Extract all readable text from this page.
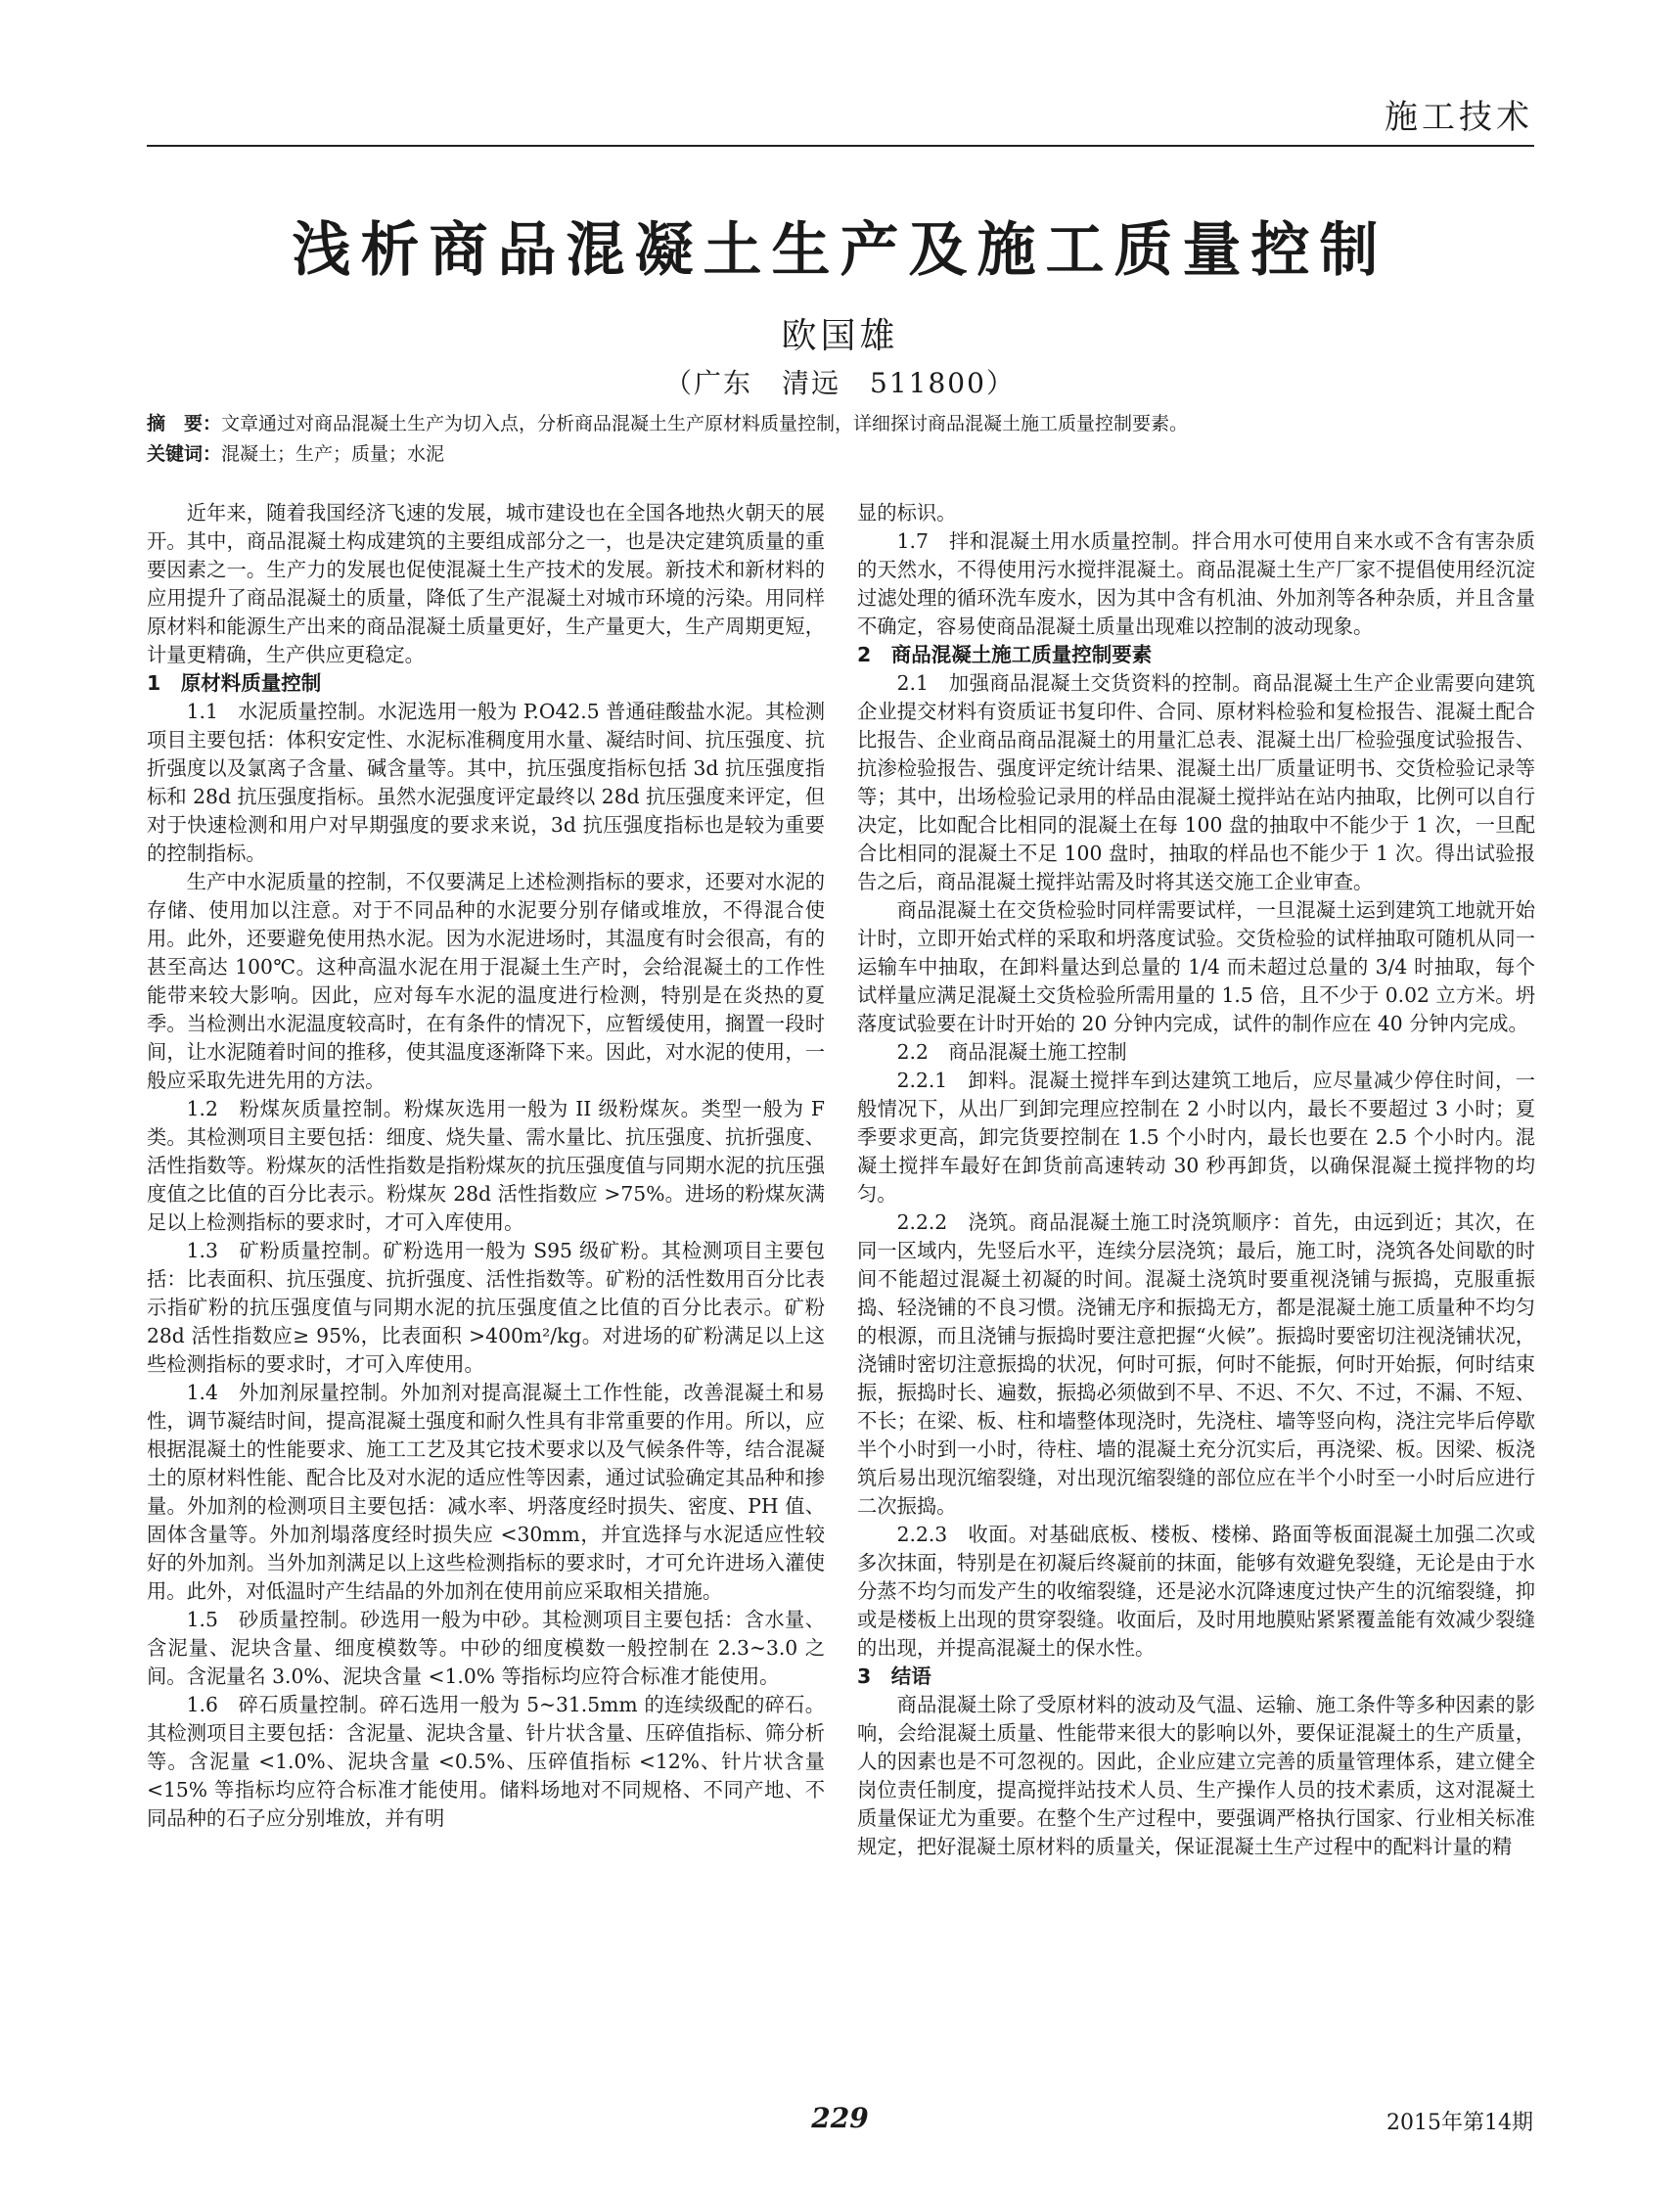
施工技术
浅析商品混凝土生产及施工质量控制
欧国雄
（广东　清远　511800）
摘　要：文章通过对商品混凝土生产为切入点，分析商品混凝土生产原材料质量控制，详细探讨商品混凝土施工质量控制要素。
关键词：混凝土；生产；质量；水泥

近年来，随着我国经济飞速的发展，城市建设也在全国各地热火朝天的展开。其中，商品混凝土构成建筑的主要组成部分之一，也是决定建筑质量的重要因素之一。生产力的发展也促使混凝土生产技术的发展。新技术和新材料的应用提升了商品混凝土的质量，降低了生产混凝土对城市环境的污染。用同样原材料和能源生产出来的商品混凝土质量更好，生产量更大，生产周期更短，计量更精确，生产供应更稳定。

1　原材料质量控制

1.1　水泥质量控制。水泥选用一般为 P.O42.5 普通硅酸盐水泥。其检测项目主要包括：体积安定性、水泥标准稠度用水量、凝结时间、抗压强度、抗折强度以及氯离子含量、碱含量等。其中，抗压强度指标包括 3d 抗压强度指标和 28d 抗压强度指标。虽然水泥强度评定最终以 28d 抗压强度来评定，但对于快速检测和用户对早期强度的要求来说，3d 抗压强度指标也是较为重要的控制指标。

生产中水泥质量的控制，不仅要满足上述检测指标的要求，还要对水泥的存储、使用加以注意。对于不同品种的水泥要分别存储或堆放，不得混合使用。此外，还要避免使用热水泥。因为水泥进场时，其温度有时会很高，有的甚至高达 100℃。这种高温水泥在用于混凝土生产时，会给混凝土的工作性能带来较大影响。因此，应对每车水泥的温度进行检测，特别是在炎热的夏季。当检测出水泥温度较高时，在有条件的情况下，应暂缓使用，搁置一段时间，让水泥随着时间的推移，使其温度逐渐降下来。因此，对水泥的使用，一般应采取先进先用的方法。

1.2　粉煤灰质量控制。粉煤灰选用一般为 II 级粉煤灰。类型一般为 F 类。其检测项目主要包括：细度、烧失量、需水量比、抗压强度、抗折强度、活性指数等。粉煤灰的活性指数是指粉煤灰的抗压强度值与同期水泥的抗压强度值之比值的百分比表示。粉煤灰 28d 活性指数应 >75%。进场的粉煤灰满足以上检测指标的要求时，才可入库使用。

1.3　矿粉质量控制。矿粉选用一般为 S95 级矿粉。其检测项目主要包括：比表面积、抗压强度、抗折强度、活性指数等。矿粉的活性数用百分比表示指矿粉的抗压强度值与同期水泥的抗压强度值之比值的百分比表示。矿粉 28d 活性指数应≥ 95%，比表面积 >400m²/kg。对进场的矿粉满足以上这些检测指标的要求时，才可入库使用。

1.4　外加剂尿量控制。外加剂对提高混凝土工作性能，改善混凝土和易性，调节凝结时间，提高混凝土强度和耐久性具有非常重要的作用。所以，应根据混凝土的性能要求、施工工艺及其它技术要求以及气候条件等，结合混凝土的原材料性能、配合比及对水泥的适应性等因素，通过试验确定其品种和掺量。外加剂的检测项目主要包括：减水率、坍落度经时损失、密度、PH 值、固体含量等。外加剂塌落度经时损失应 <30mm，并宜选择与水泥适应性较好的外加剂。当外加剂满足以上这些检测指标的要求时，才可允许进场入灌使用。此外，对低温时产生结晶的外加剂在使用前应采取相关措施。

1.5　砂质量控制。砂选用一般为中砂。其检测项目主要包括：含水量、含泥量、泥块含量、细度模数等。中砂的细度模数一般控制在 2.3~3.0 之间。含泥量名 3.0%、泥块含量 <1.0% 等指标均应符合标准才能使用。

1.6　碎石质量控制。碎石选用一般为 5~31.5mm 的连续级配的碎石。其检测项目主要包括：含泥量、泥块含量、针片状含量、压碎值指标、筛分析等。含泥量 <1.0%、泥块含量 <0.5%、压碎值指标 <12%、针片状含量 <15% 等指标均应符合标准才能使用。储料场地对不同规格、不同产地、不同品种的石子应分别堆放，并有明

显的标识。

1.7　拌和混凝土用水质量控制。拌合用水可使用自来水或不含有害杂质的天然水，不得使用污水搅拌混凝土。商品混凝土生产厂家不提倡使用经沉淀过滤处理的循环洗车废水，因为其中含有机油、外加剂等各种杂质，并且含量不确定，容易使商品混凝土质量出现难以控制的波动现象。

2　商品混凝土施工质量控制要素

2.1　加强商品混凝土交货资料的控制。商品混凝土生产企业需要向建筑企业提交材料有资质证书复印件、合同、原材料检验和复检报告、混凝土配合比报告、企业商品商品混凝土的用量汇总表、混凝土出厂检验强度试验报告、抗渗检验报告、强度评定统计结果、混凝土出厂质量证明书、交货检验记录等等；其中，出场检验记录用的样品由混凝土搅拌站在站内抽取，比例可以自行决定，比如配合比相同的混凝土在每 100 盘的抽取中不能少于 1 次，一旦配合比相同的混凝土不足 100 盘时，抽取的样品也不能少于 1 次。得出试验报告之后，商品混凝土搅拌站需及时将其送交施工企业审查。

商品混凝土在交货检验时同样需要试样，一旦混凝土运到建筑工地就开始计时，立即开始式样的采取和坍落度试验。交货检验的试样抽取可随机从同一运输车中抽取，在卸料量达到总量的 1/4 而未超过总量的 3/4 时抽取，每个试样量应满足混凝土交货检验所需用量的 1.5 倍，且不少于 0.02 立方米。坍落度试验要在计时开始的 20 分钟内完成，试件的制作应在 40 分钟内完成。

2.2　商品混凝土施工控制

2.2.1　卸料。混凝土搅拌车到达建筑工地后，应尽量减少停住时间，一般情况下，从出厂到卸完理应控制在 2 小时以内，最长不要超过 3 小时；夏季要求更高，卸完货要控制在 1.5 个小时内，最长也要在 2.5 个小时内。混凝土搅拌车最好在卸货前高速转动 30 秒再卸货，以确保混凝土搅拌物的均匀。

2.2.2　浇筑。商品混凝土施工时浇筑顺序：首先，由远到近；其次，在同一区域内，先竖后水平，连续分层浇筑；最后，施工时，浇筑各处间歇的时间不能超过混凝土初凝的时间。混凝土浇筑时要重视浇铺与振捣，克服重振捣、轻浇铺的不良习惯。浇铺无序和振捣无方，都是混凝土施工质量种不均匀的根源，而且浇铺与振捣时要注意把握“火候”。振捣时要密切注视浇铺状况，浇铺时密切注意振捣的状况，何时可振，何时不能振，何时开始振，何时结束振，振捣时长、遍数，振捣必须做到不早、不迟、不欠、不过，不漏、不短、不长；在梁、板、柱和墙整体现浇时，先浇柱、墙等竖向构，浇注完毕后停歇半个小时到一小时，待柱、墙的混凝土充分沉实后，再浇梁、板。因梁、板浇筑后易出现沉缩裂缝，对出现沉缩裂缝的部位应在半个小时至一小时后应进行二次振捣。

2.2.3　收面。对基础底板、楼板、楼梯、路面等板面混凝土加强二次或多次抹面，特别是在初凝后终凝前的抹面，能够有效避免裂缝，无论是由于水分蒸不均匀而发产生的收缩裂缝，还是泌水沉降速度过快产生的沉缩裂缝，抑或是楼板上出现的贯穿裂缝。收面后，及时用地膜贴紧紧覆盖能有效减少裂缝的出现，并提高混凝土的保水性。

3　结语

商品混凝土除了受原材料的波动及气温、运输、施工条件等多种因素的影响，会给混凝土质量、性能带来很大的影响以外，要保证混凝土的生产质量，人的因素也是不可忽视的。因此，企业应建立完善的质量管理体系，建立健全岗位责任制度，提高搅拌站技术人员、生产操作人员的技术素质，这对混凝土质量保证尤为重要。在整个生产过程中，要强调严格执行国家、行业相关标准规定，把好混凝土原材料的质量关，保证混凝土生产过程中的配料计量的精

229	2015年第14期
